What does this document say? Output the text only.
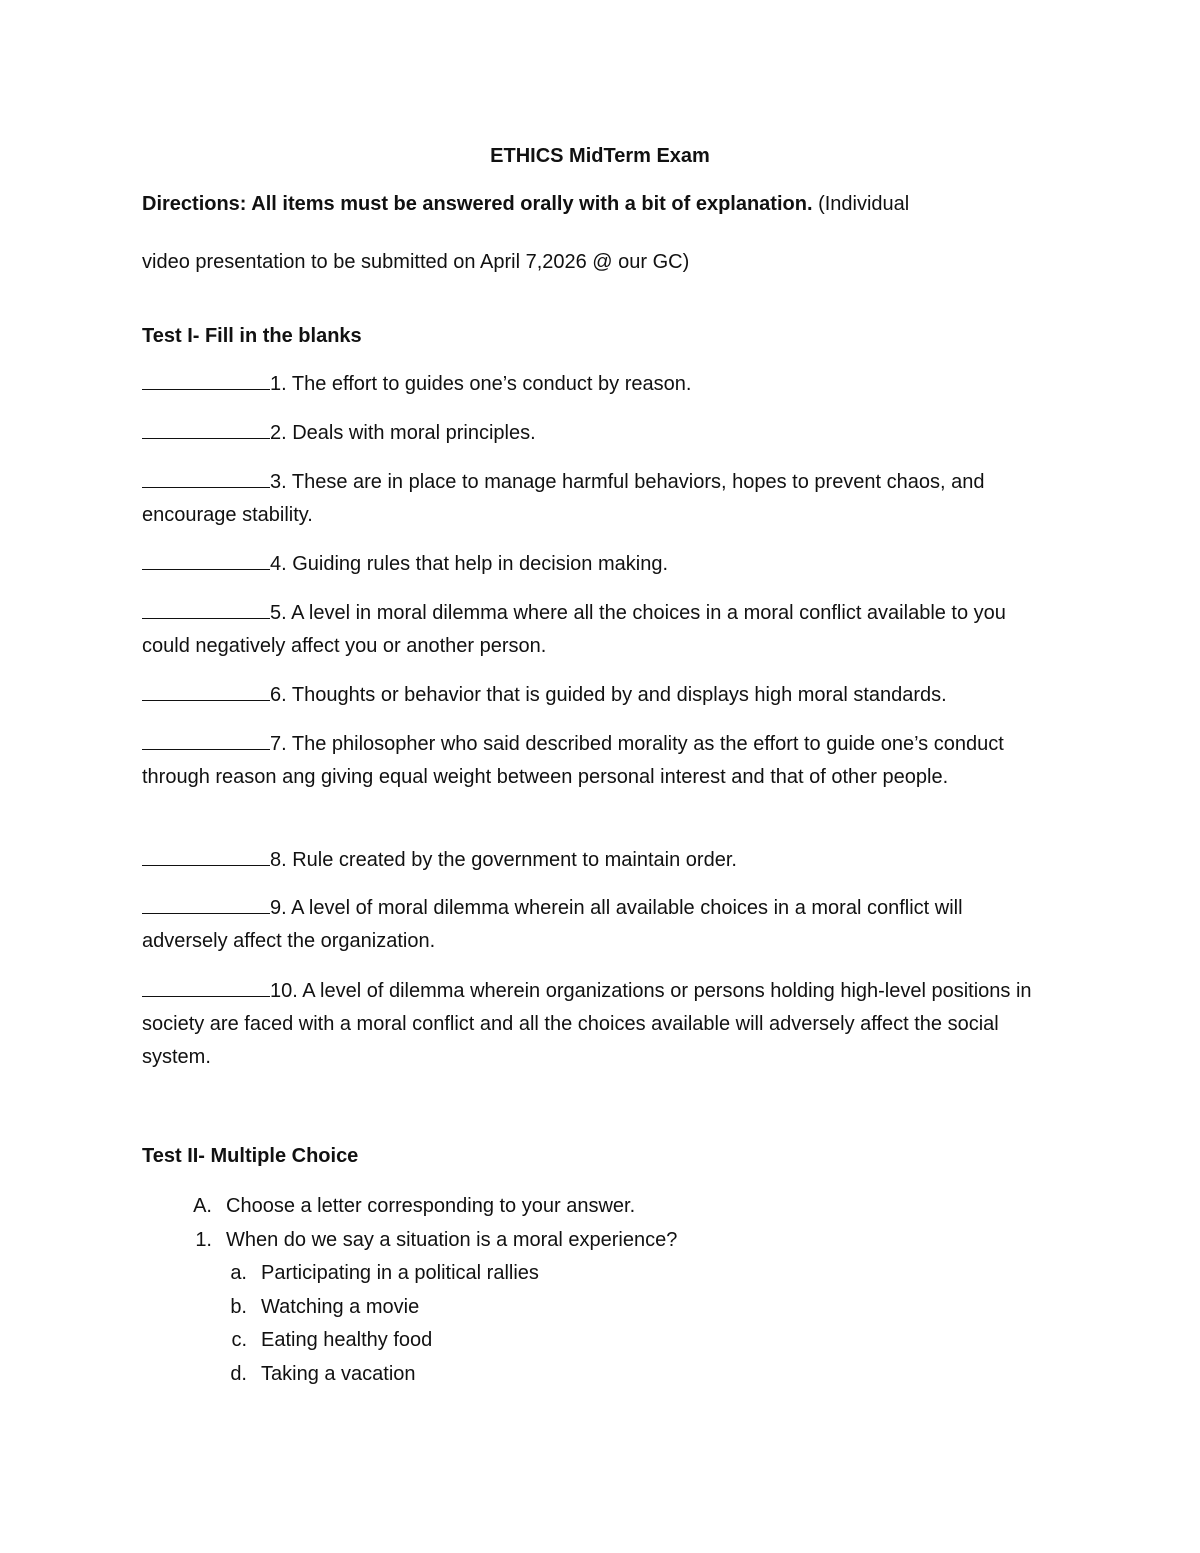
ETHICS MidTerm Exam

Directions: All items must be answered orally with a bit of explanation. (Individual

video presentation to be submitted on April 7,2026 @ our GC)

Test I- Fill in the blanks

1. The effort to guides one’s conduct by reason.

2. Deals with moral principles.

3. These are in place to manage harmful behaviors, hopes to prevent chaos, and encourage stability.

4. Guiding rules that help in decision making.

5. A level in moral dilemma where all the choices in a moral conflict available to you could negatively affect you or another person.

6. Thoughts or behavior that is guided by and displays high moral standards.

7. The philosopher who said described morality as the effort to guide one’s conduct through reason ang giving equal weight between personal interest and that of other people.

8. Rule created by the government to maintain order.

9. A level of moral dilemma wherein all available choices in a moral conflict will adversely affect the organization.

10. A level of dilemma wherein organizations or persons holding high-level positions in society are faced with a moral conflict and all the choices available will adversely affect the social system.

Test II- Multiple Choice

A. Choose a letter corresponding to your answer.
1. When do we say a situation is a moral experience?
a. Participating in a political rallies
b. Watching a movie
c. Eating healthy food
d. Taking a vacation
